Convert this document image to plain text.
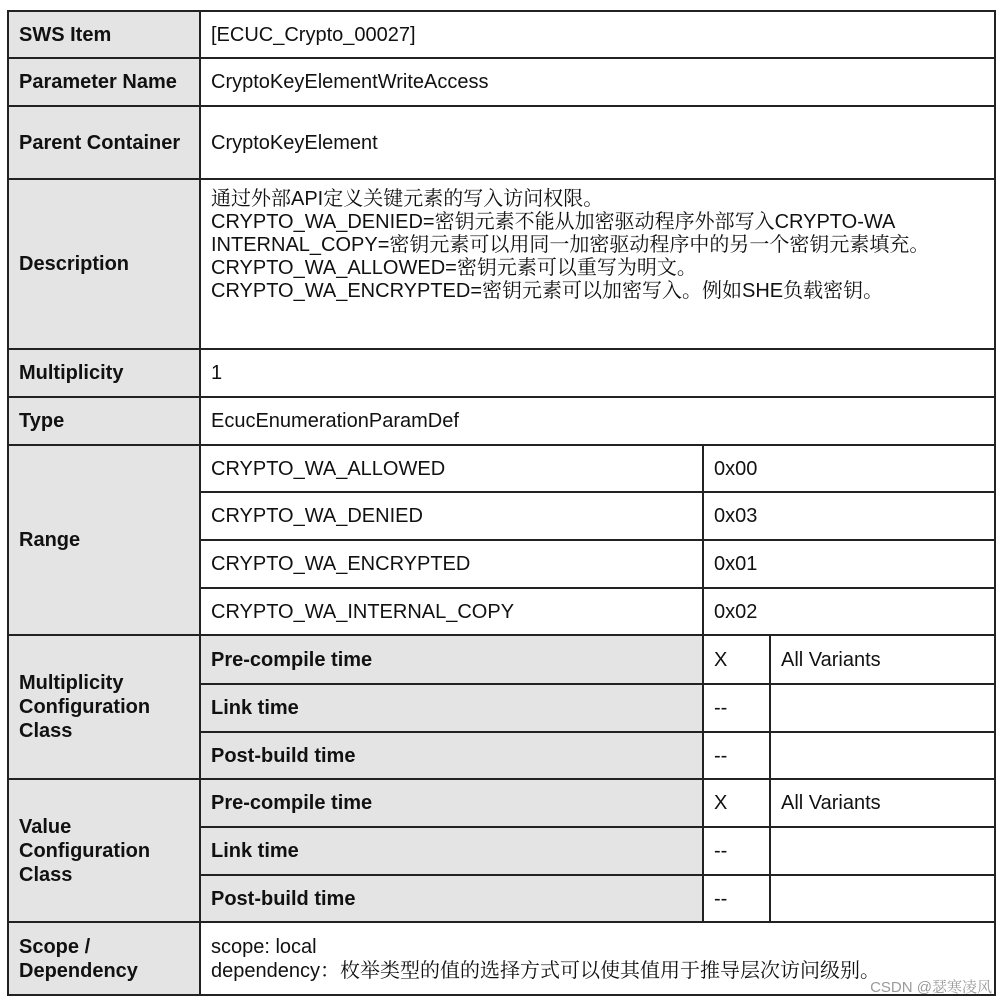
SWS Item	[ECUC_Crypto_00027]		
Parameter Name	CryptoKeyElementWriteAccess		
Parent Container	CryptoKeyElement		
Description	通过外部API定义关键元素的写入访问权限。
CRYPTO_WA_DENIED=密钥元素不能从加密驱动程序外部写入CRYPTO-WA
INTERNAL_COPY=密钥元素可以用同一加密驱动程序中的另一个密钥元素填充。
CRYPTO_WA_ALLOWED=密钥元素可以重写为明文。
CRYPTO_WA_ENCRYPTED=密钥元素可以加密写入。例如SHE负载密钥。		

Multiplicity	1		
Type	EcucEnumerationParamDef		
Range	CRYPTO_WA_ALLOWED	0x00	
	CRYPTO_WA_DENIED	0x03	
	CRYPTO_WA_ENCRYPTED	0x01	
	CRYPTO_WA_INTERNAL_COPY	0x02	
Multiplicity Configuration Class	Pre-compile time	X	All Variants
	Link time	--	
	Post-build time	--	
Value Configuration Class	Pre-compile time	X	All Variants
	Link time	--	
	Post-build time	--	
Scope / Dependency	scope: local
dependency：枚举类型的值的选择方式可以使其值用于推导层次访问级别。		
CSDN @瑟寒凌风
